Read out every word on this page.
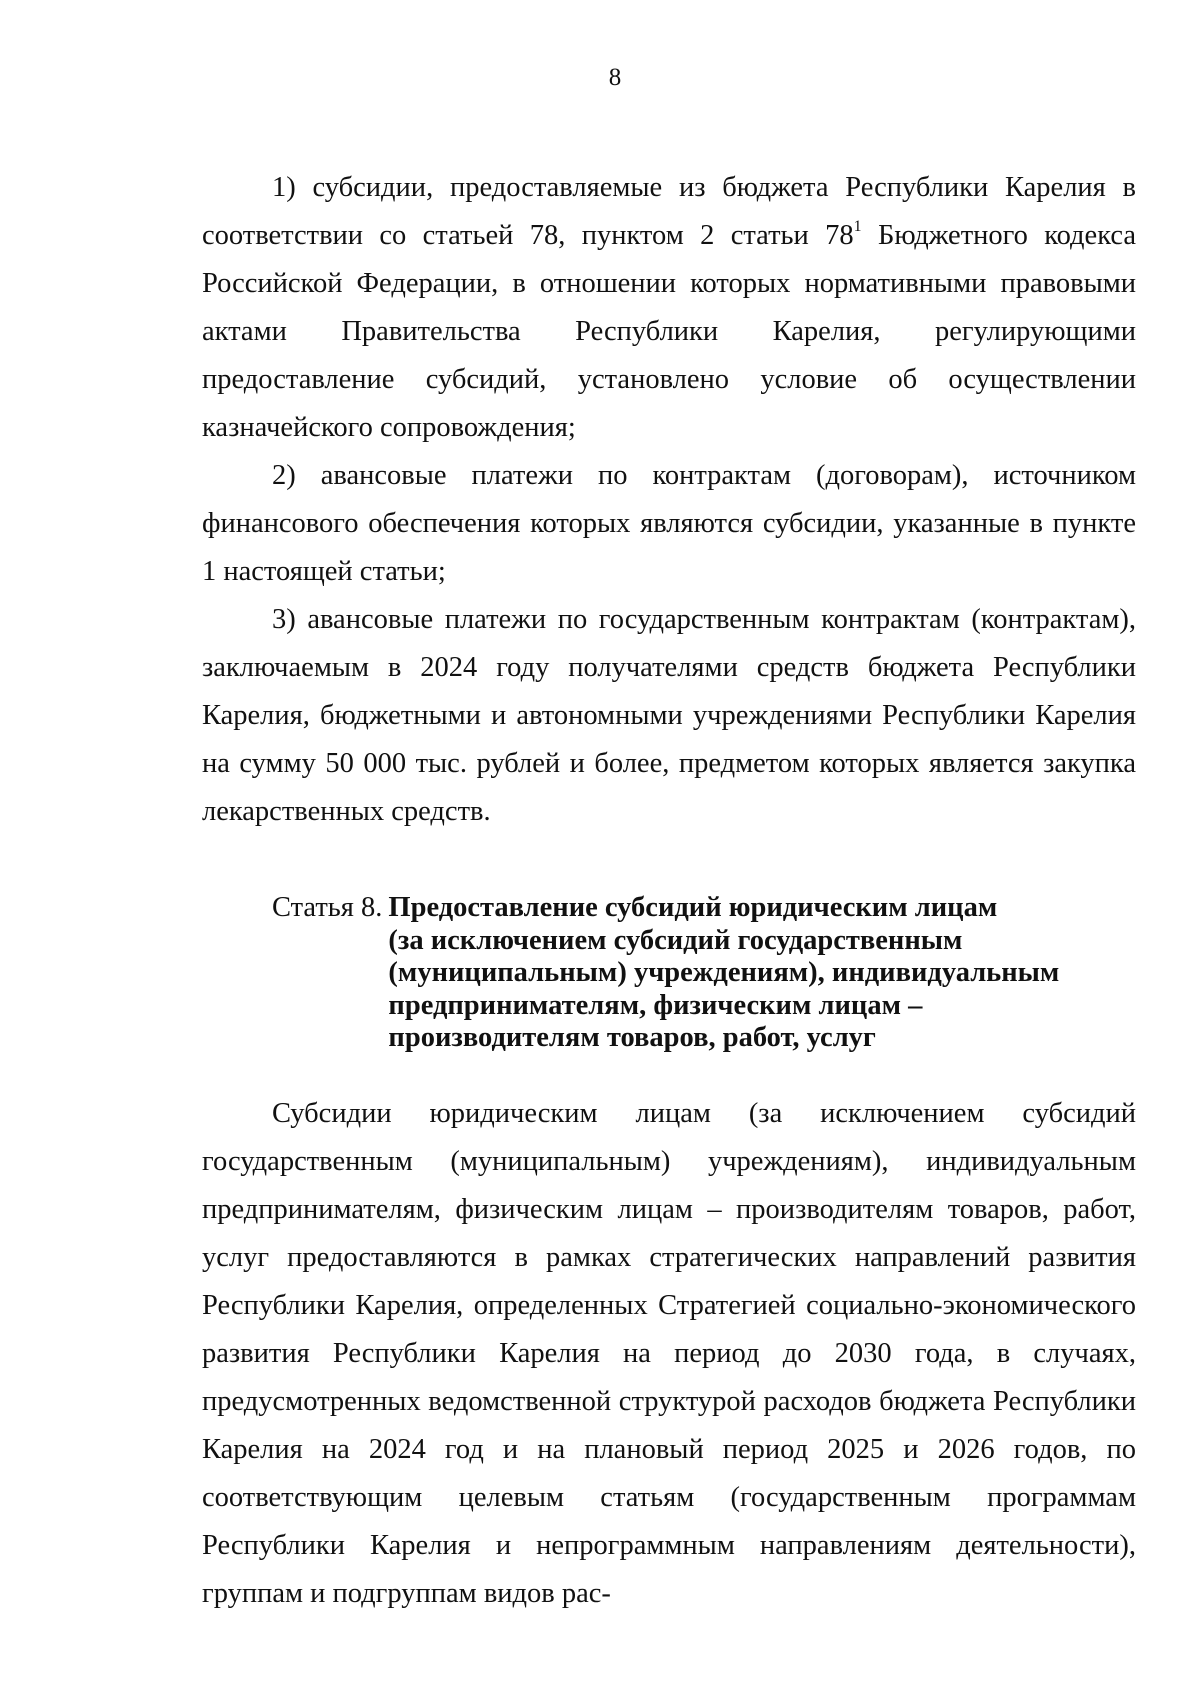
8

1) субсидии, предоставляемые из бюджета Республики Карелия в соответствии со статьей 78, пунктом 2 статьи $78^1$ Бюджетного кодекса Российской Федерации, в отношении которых нормативными правовыми актами Правительства Республики Карелия, регулирующими предоставление субсидий, установлено условие об осуществлении казначейского сопровождения;

2) авансовые платежи по контрактам (договорам), источником финансового обеспечения которых являются субсидии, указанные в пункте 1 настоящей статьи;

3) авансовые платежи по государственным контрактам (контрактам), заключаемым в 2024 году получателями средств бюджета Республики Карелия, бюджетными и автономными учреждениями Республики Карелия на сумму 50 000 тыс. рублей и более, предметом которых является закупка лекарственных средств.

Статья 8. Предоставление субсидий юридическим лицам
(за исключением субсидий государственным
(муниципальным) учреждениям), индивидуальным
предпринимателям, физическим лицам –
производителям товаров, работ, услуг

Субсидии юридическим лицам (за исключением субсидий государственным (муниципальным) учреждениям), индивидуальным предпринимателям, физическим лицам – производителям товаров, работ, услуг предоставляются в рамках стратегических направлений развития Республики Карелия, определенных Стратегией социально-экономического развития Республики Карелия на период до 2030 года, в случаях, предусмотренных ведомственной структурой расходов бюджета Республики Карелия на 2024 год и на плановый период 2025 и 2026 годов, по соответствующим целевым статьям (государственным программам Республики Карелия и непрограммным направлениям деятельности), группам и подгруппам видов рас-
